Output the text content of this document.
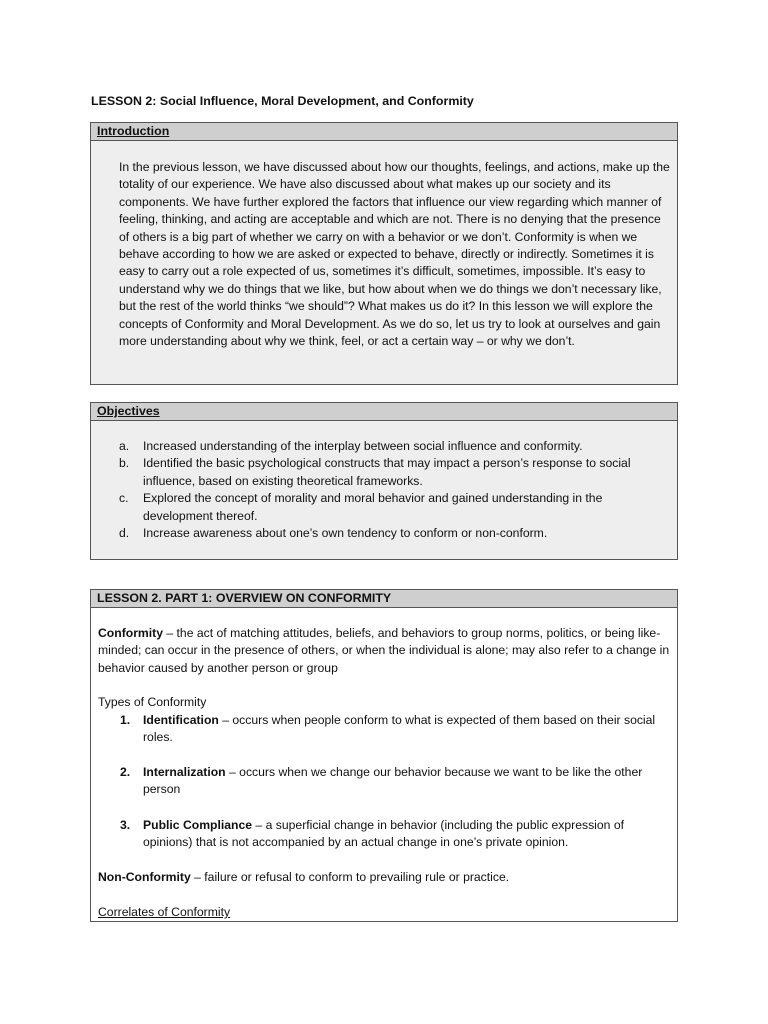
LESSON 2: Social Influence, Moral Development, and Conformity
Introduction

In the previous lesson, we have discussed about how our thoughts, feelings, and actions, make up the totality of our experience. We have also discussed about what makes up our society and its components. We have further explored the factors that influence our view regarding which manner of feeling, thinking, and acting are acceptable and which are not. There is no denying that the presence of others is a big part of whether we carry on with a behavior or we don’t. Conformity is when we behave according to how we are asked or expected to behave, directly or indirectly. Sometimes it is easy to carry out a role expected of us, sometimes it’s difficult, sometimes, impossible. It’s easy to understand why we do things that we like, but how about when we do things we don’t necessary like, but the rest of the world thinks “we should”? What makes us do it? In this lesson we will explore the concepts of Conformity and Moral Development. As we do so, let us try to look at ourselves and gain more understanding about why we think, feel, or act a certain way – or why we don’t.

Objectives
a. Increased understanding of the interplay between social influence and conformity.
b. Identified the basic psychological constructs that may impact a person’s response to social influence, based on existing theoretical frameworks.
c. Explored the concept of morality and moral behavior and gained understanding in the development thereof.
d. Increase awareness about one’s own tendency to conform or non-conform.
LESSON 2. PART 1: OVERVIEW ON CONFORMITY

Conformity – the act of matching attitudes, beliefs, and behaviors to group norms, politics, or being like-minded; can occur in the presence of others, or when the individual is alone; may also refer to a change in behavior caused by another person or group

Types of Conformity

1. Identification – occurs when people conform to what is expected of them based on their social roles.
2. Internalization – occurs when we change our behavior because we want to be like the other person
3. Public Compliance – a superficial change in behavior (including the public expression of opinions) that is not accompanied by an actual change in one’s private opinion.

Non-Conformity – failure or refusal to conform to prevailing rule or practice.

Correlates of Conformity
